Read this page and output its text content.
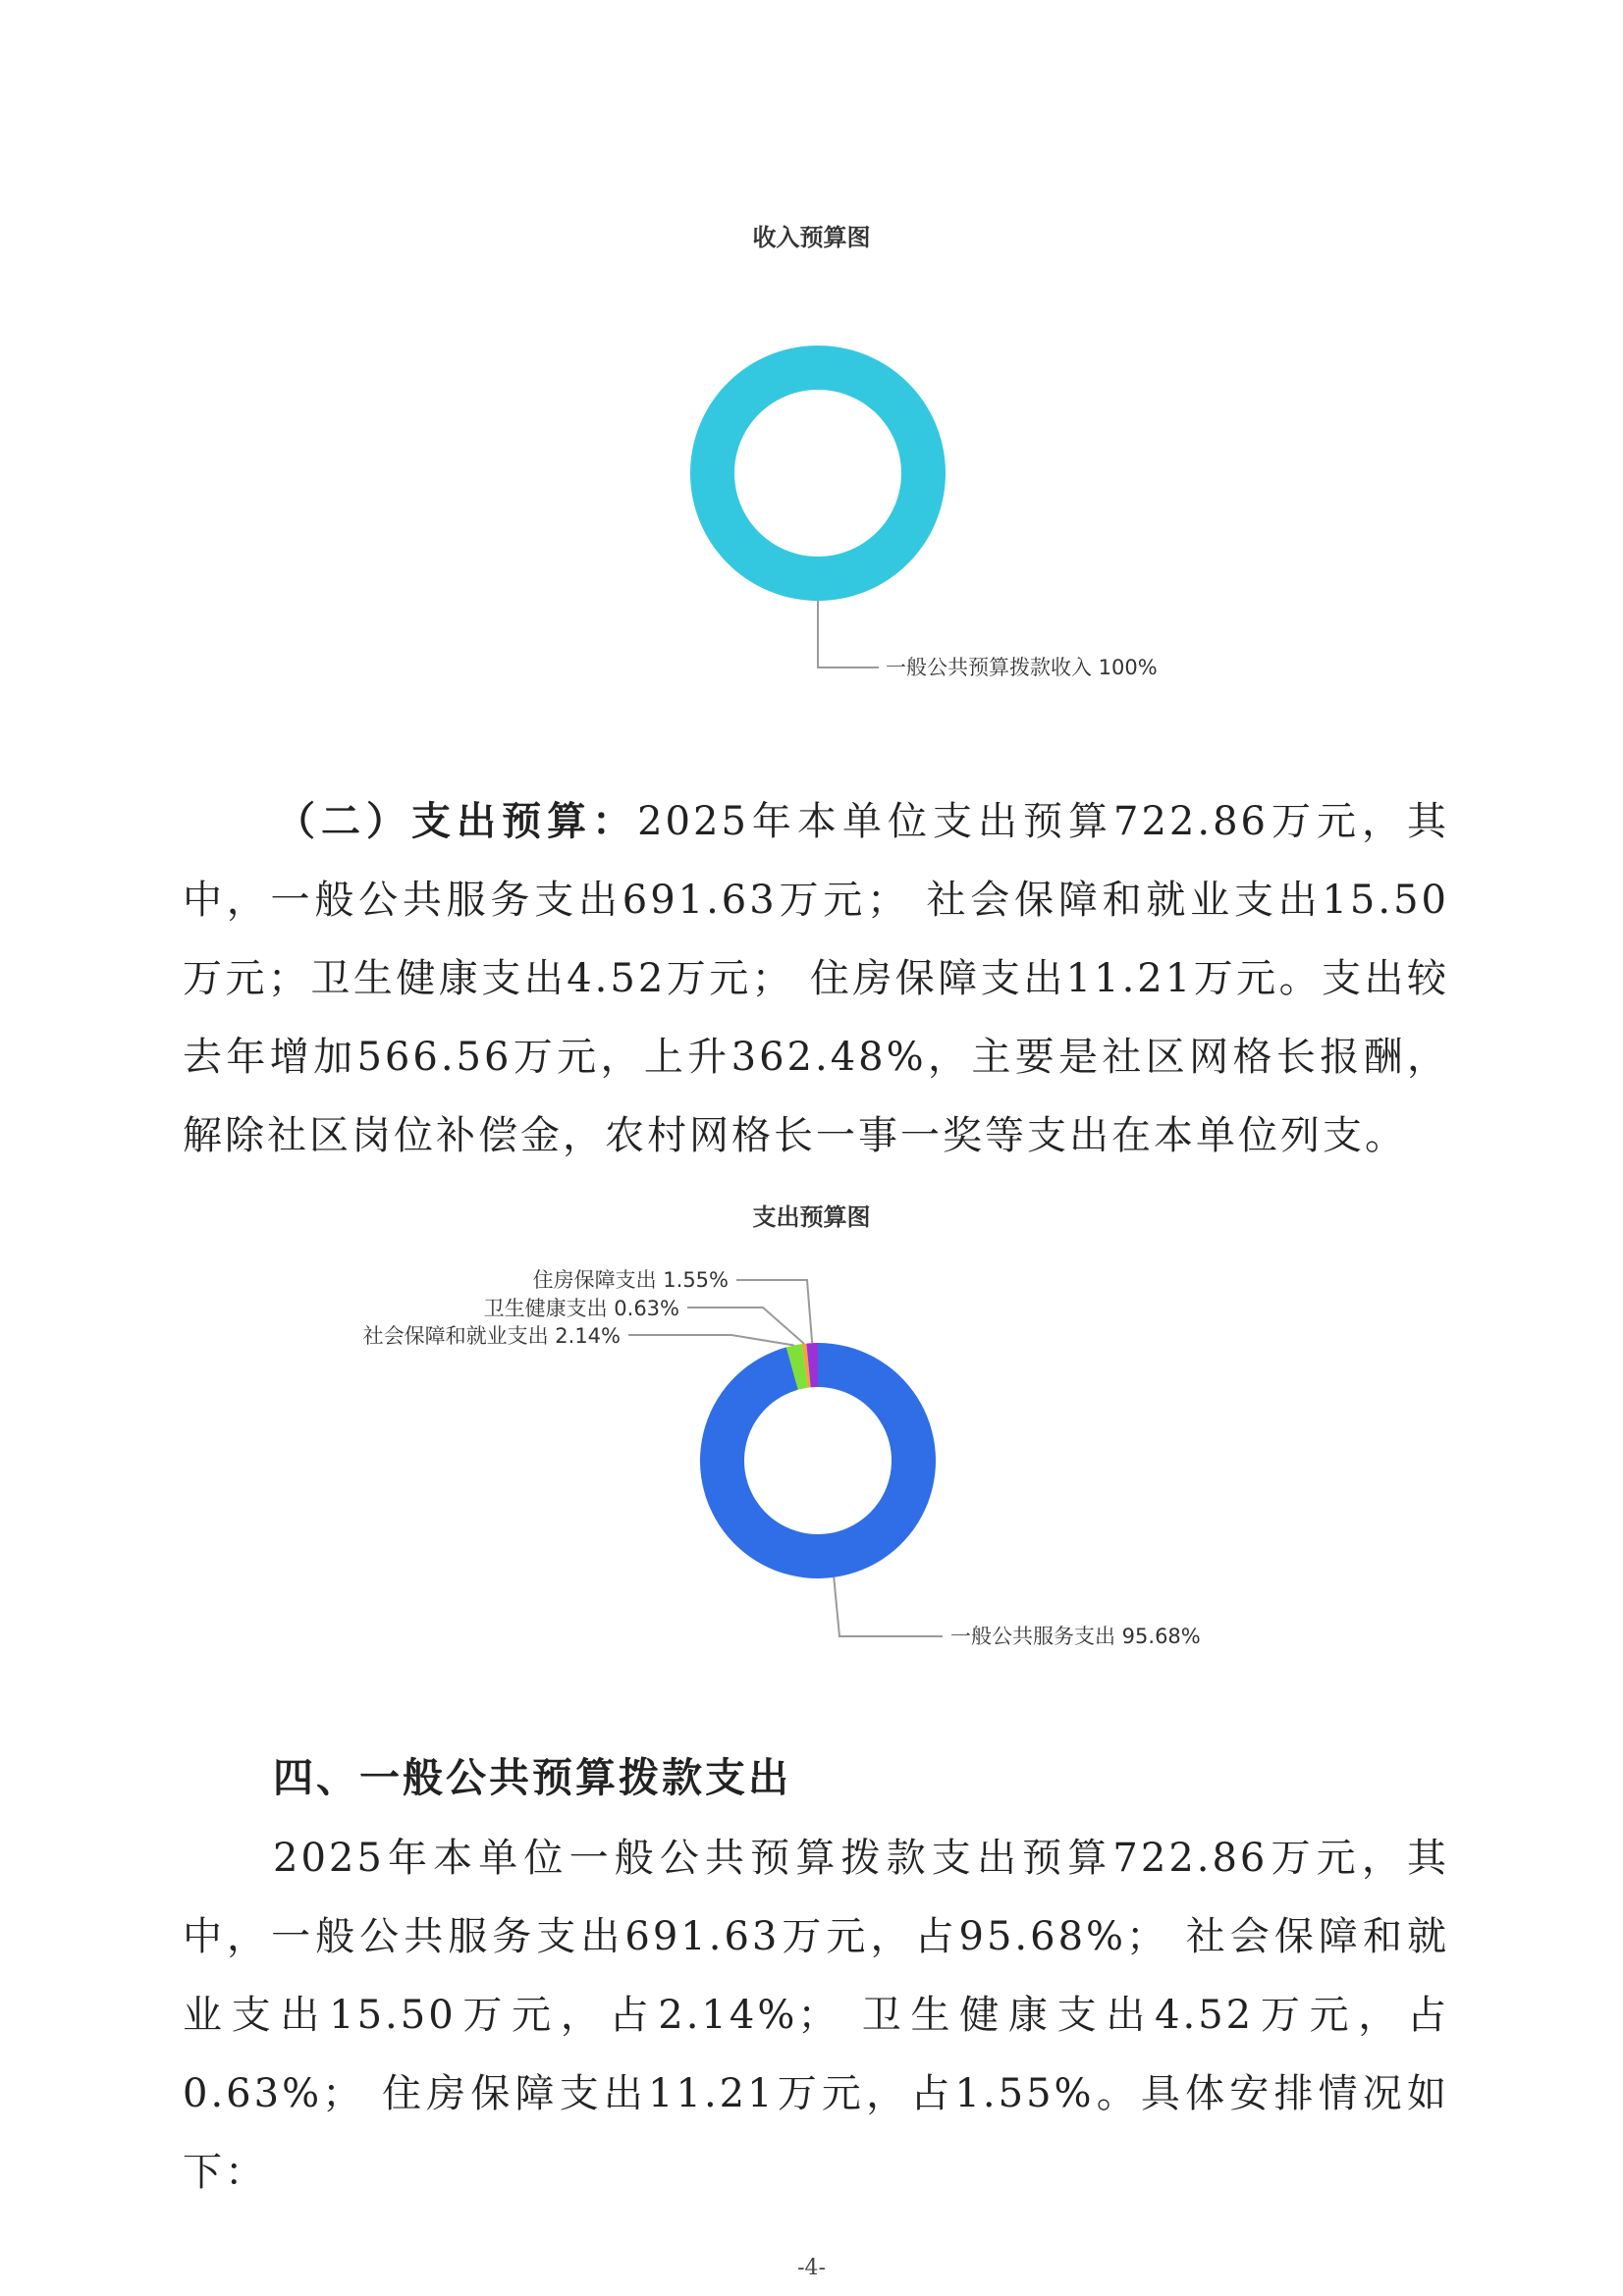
收入预算图
一般公共预算拨款收入 100%
（二）支出预算：2025年本单位支出预算722.86万元，其中，一般公共服务支出691.63万元； 社会保障和就业支出15.50万元；卫生健康支出4.52万元； 住房保障支出11.21万元。支出较去年增加566.56万元，上升362.48%，主要是社区网格长报酬，解除社区岗位补偿金，农村网格长一事一奖等支出在本单位列支。
支出预算图
一般公共服务支出 95.68%
社会保障和就业支出 2.14%
卫生健康支出 0.63%
住房保障支出 1.55%
四、一般公共预算拨款支出
2025年本单位一般公共预算拨款支出预算722.86万元，其中，一般公共服务支出691.63万元，占95.68%； 社会保障和就业支出15.50万元，占2.14%； 卫生健康支出4.52万元，占0.63%； 住房保障支出11.21万元，占1.55%。具体安排情况如下：
-4-
